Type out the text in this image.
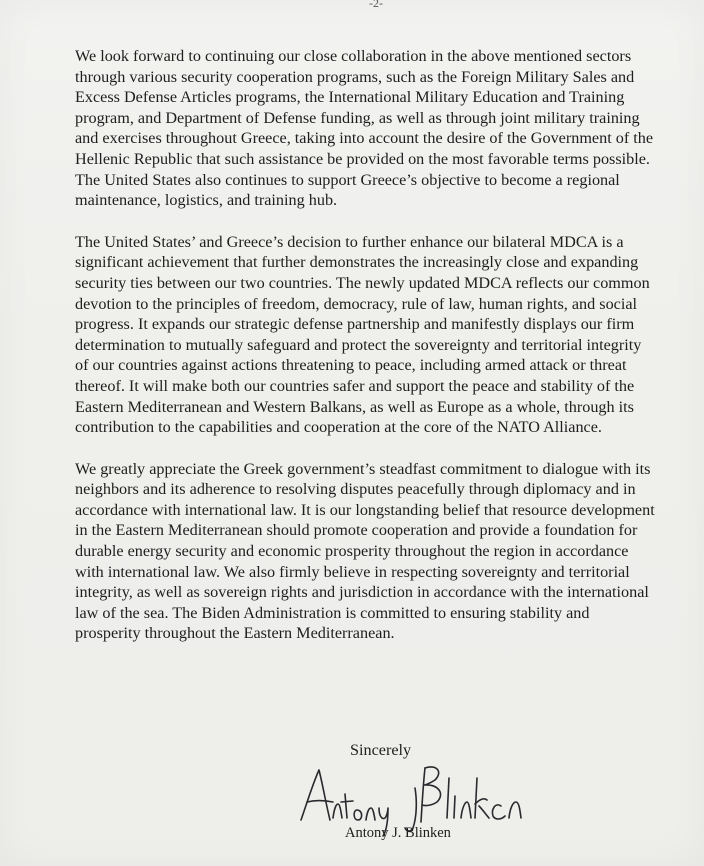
-2-

We look forward to continuing our close collaboration in the above mentioned sectors through various security cooperation programs, such as the Foreign Military Sales and Excess Defense Articles programs, the International Military Education and Training program, and Department of Defense funding, as well as through joint military training and exercises throughout Greece, taking into account the desire of the Government of the Hellenic Republic that such assistance be provided on the most favorable terms possible. The United States also continues to support Greece’s objective to become a regional maintenance, logistics, and training hub.

The United States’ and Greece’s decision to further enhance our bilateral MDCA is a significant achievement that further demonstrates the increasingly close and expanding security ties between our two countries. The newly updated MDCA reflects our common devotion to the principles of freedom, democracy, rule of law, human rights, and social progress. It expands our strategic defense partnership and manifestly displays our firm determination to mutually safeguard and protect the sovereignty and territorial integrity of our countries against actions threatening to peace, including armed attack or threat thereof. It will make both our countries safer and support the peace and stability of the Eastern Mediterranean and Western Balkans, as well as Europe as a whole, through its contribution to the capabilities and cooperation at the core of the NATO Alliance.

We greatly appreciate the Greek government’s steadfast commitment to dialogue with its neighbors and its adherence to resolving disputes peacefully through diplomacy and in accordance with international law. It is our longstanding belief that resource development in the Eastern Mediterranean should promote cooperation and provide a foundation for durable energy security and economic prosperity throughout the region in accordance with international law. We also firmly believe in respecting sovereignty and territorial integrity, as well as sovereign rights and jurisdiction in accordance with the international law of the sea. The Biden Administration is committed to ensuring stability and prosperity throughout the Eastern Mediterranean.

Sincerely
Antony J. Blinken
